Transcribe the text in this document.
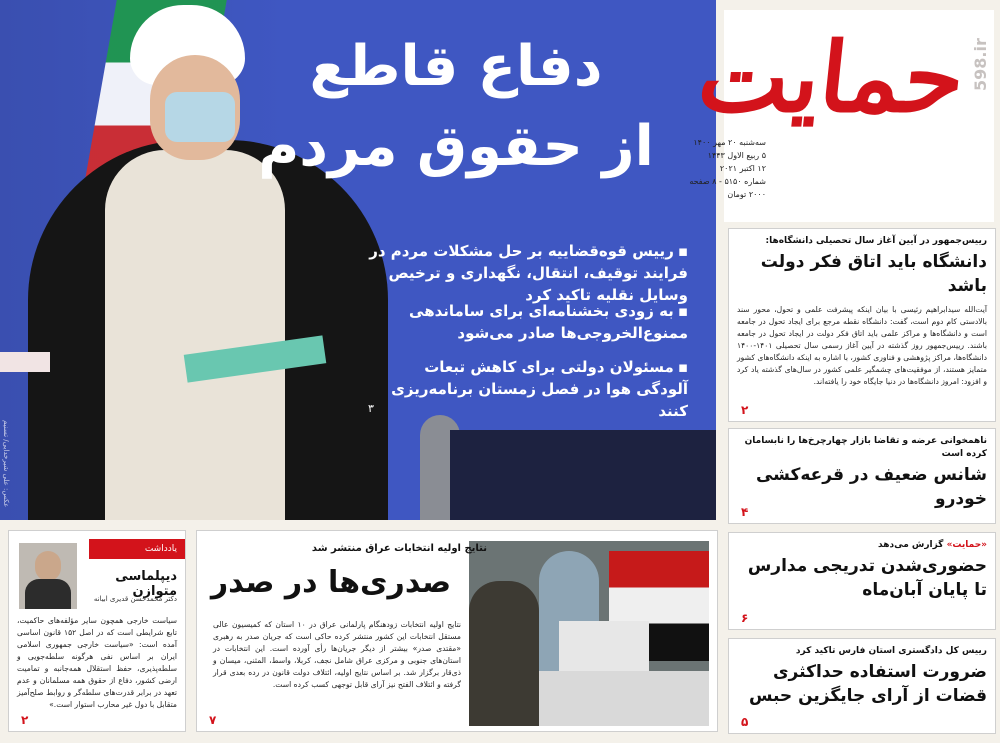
دفاع قاطع
از حقوق مردم
▪رییس قوه‌قضاییه بر حل مشکلات مردم در فرایند توقیف، انتقال، نگهداری و ترخیص وسایل نقلیه تاکید کرد
▪به زودی بخشنامه‌ای برای ساماندهی ممنوع‌الخروجی‌ها صادر می‌شود
▪مسئولان دولتی برای کاهش تبعات آلودگی هوا در فصل زمستان برنامه‌ریزی کنند
۳
عکس: علی شیرخدایی/ تسنیم
حمایت 598.ir
سه‌شنبه ۲۰ مهر ۱۴۰۰
۵ ربیع الاول ۱۴۴۳
۱۲ اکتبر ۲۰۲۱
شماره ۵۱۵۰ - ۸ صفحه
۲۰۰۰ تومان
رییس‌جمهور در آیین آغاز سال تحصیلی دانشگاه‌ها:
دانشگاه باید اتاق فکر دولت باشد
آیت‌الله سیدابراهیم رئیسی با بیان اینکه پیشرفت علمی و تحول، محور سند بالادستی کام دوم است، گفت: دانشگاه نقطه مرجع برای ایجاد تحول در جامعه است و دانشگاه‌ها و مراکز علمی باید اتاق فکر دولت در ایجاد تحول در جامعه باشند. رییس‌جمهور روز گذشته در آیین آغاز رسمی سال تحصیلی ۱۴۰۱-۱۴۰۰ دانشگاه‌ها، مراکز پژوهشی و فناوری کشور، با اشاره به اینکه دانشگاه‌های کشور متمایز هستند، از موفقیت‌های چشمگیر علمی کشور در سال‌های گذشته یاد کرد و افزود: امروز دانشگاه‌ها در دنیا جایگاه خود را یافته‌اند.
۲
ناهمخوانی عرضه و تقاضا بازار چهارچرخ‌ها را نابسامان کرده است
شانس ضعیف در قرعه‌کشی خودرو
۴
«حمایت» گزارش می‌دهد
حضوری‌شدن تدریجی مدارس تا پایان آبان‌ماه
۶
رییس کل دادگستری استان فارس تاکید کرد
ضرورت استفاده حداکثری قضات از آرای جایگزین حبس
۵
یادداشت
دیپلماسی متوازن
دکتر محمدحسن قدیری ابیانه
سیاست خارجی همچون سایر مؤلفه‌های حاکمیت، تابع شرایطی است که در اصل ۱۵۲ قانون اساسی آمده است: «سیاست خارجی جمهوری اسلامی ایران بر اساس نفی هرگونه سلطه‌جویی و سلطه‌پذیری، حفظ استقلال همه‌جانبه و تمامیت ارضی کشور، دفاع از حقوق همه مسلمانان و عدم تعهد در برابر قدرت‌های سلطه‌گر و روابط صلح‌آمیز متقابل با دول غیر محارب استوار است.»
۲
نتایج اولیه انتخابات عراق منتشر شد
صدری‌ها در صدر
نتایج اولیه انتخابات زودهنگام پارلمانی عراق در ۱۰ استان که کمیسیون عالی مستقل انتخابات این کشور منتشر کرده حاکی است که جریان صدر به رهبری «مقتدی صدر» بیشتر از دیگر جریان‌ها رأی آورده است. این انتخابات در استان‌های جنوبی و مرکزی عراق شامل نجف، کربلا، واسط، المثنی، میسان و ذی‌قار برگزار شد. بر اساس نتایج اولیه، ائتلاف دولت قانون در رده بعدی قرار گرفته و ائتلاف الفتح نیز آرای قابل توجهی کسب کرده است.
۷
